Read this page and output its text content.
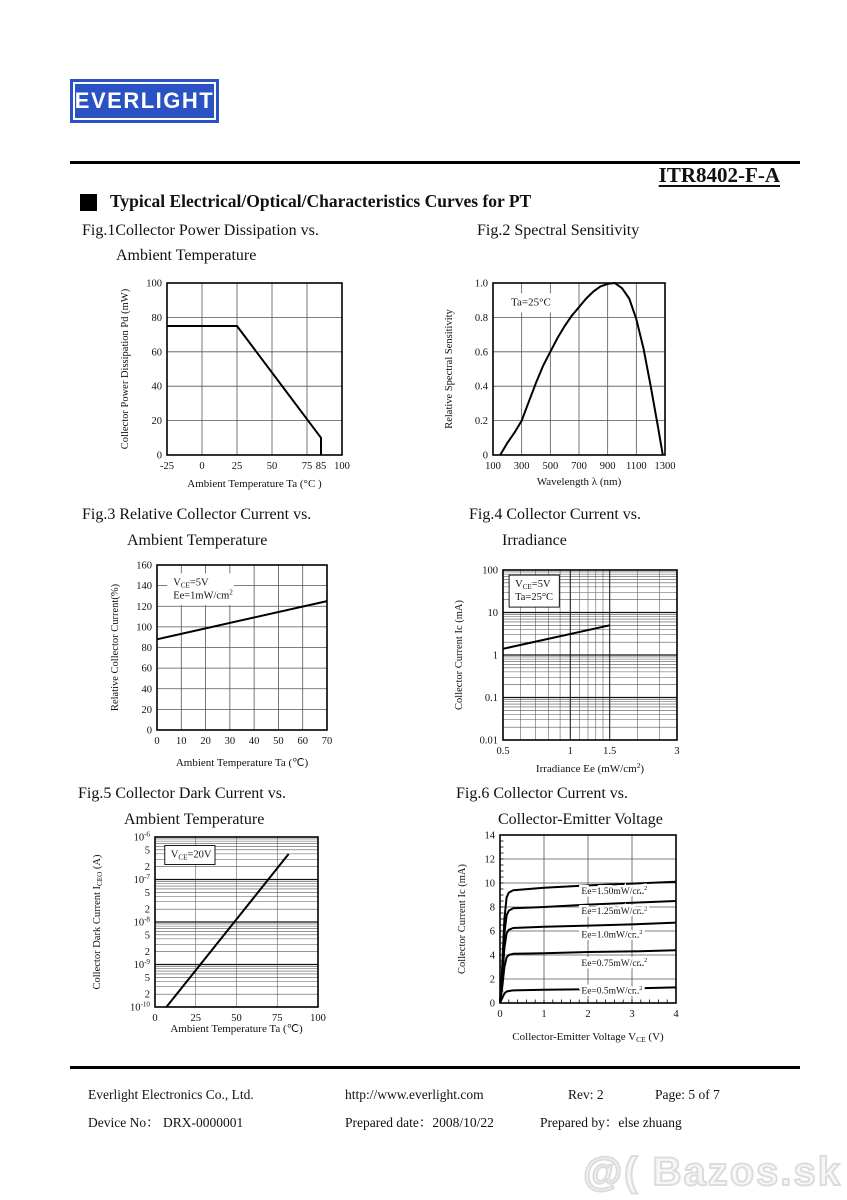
EVERLIGHT
ITR8402-F-A
Typical Electrical/Optical/Characteristics Curves for PT
Fig.1Collector Power Dissipation vs.
Ambient Temperature
Fig.2 Spectral Sensitivity
Fig.3 Relative Collector Current vs.
Ambient Temperature
Fig.4 Collector Current vs.
Irradiance
Fig.5 Collector Dark Current vs.
Ambient Temperature
Fig.6 Collector Current vs.
Collector-Emitter Voltage
-25 0	25 50 75 85 100
0
20
40
60
80
100
Ambient Temperature Ta (°C )
Collector Power Dissipation Pd (mW)	Ta=25°C
100 300 500 700 900 1100 1300
0
0.2
0.4
0.6
0.8
1.0
Wavelength λ (nm)
Relative Spectral Sensitivity
$V_{CE}=5V$
$Ee=1mW/cm^2$
0 10 20 30 40 50 60 70
0
20
40
60
80
100
120
140
160
Ambient Temperature Ta (℃)
Relative Collector Current(%)	$V_{CE}=5V$
Ta=25°C
0.5	1	1.5	3
0.01
0.1
1
10
100
Irradiance Ee $(mW/cm^2)$
Collector Current Ic (mA)
$V_{CE}=20V$
0	25	50	75	100
$10^{-10}$
2
5
$10^{-9}$
2
5
$10^{-8}$
2
5
$10^{-7}$
2
5
$10^{-6}$
Ambient Temperature Ta (℃)
Collector Dark Current $I_{CEO}$ (A)
$Ee=1.50mW/cm^2$
$Ee=1.25mW/cm^2$
$Ee=1.0mW/cm^2$
$Ee=0.75mW/cm^2$
$Ee=0.5mW/cm^2$
0	1	2	3	4
0
2
4
6
8
10
12
14
Collector-Emitter Voltage $V_{CE}$ (V)
Collector Current Ic (mA)
Everlight Electronics Co., Ltd.	http://www.everlight.com	Rev: 2	Page: 5 of 7
Device No： DRX-0000001	Prepared date：2008/10/22	Prepared by：else zhuang
@( Bazos.sk
